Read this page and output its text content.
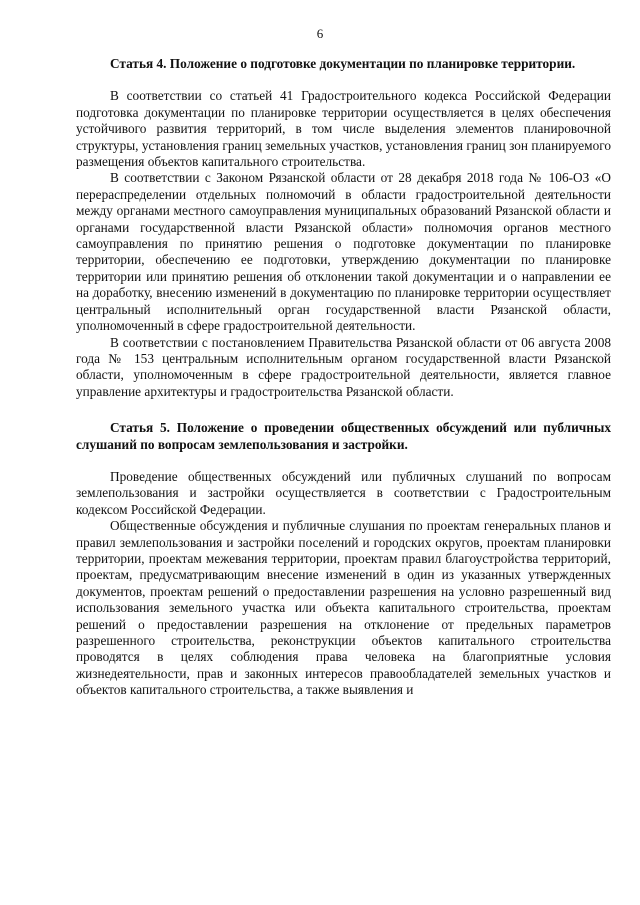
6

Статья 4. Положение о подготовке документации по планировке территории.

В соответствии со статьей 41 Градостроительного кодекса Российской Федерации подготовка документации по планировке территории осуществляется в целях обеспечения устойчивого развития территорий, в том числе выделения элементов планировочной структуры, установления границ земельных участков, установления границ зон планируемого размещения объектов капитального строительства.

В соответствии с Законом Рязанской области от 28 декабря 2018 года № 106-ОЗ «О перераспределении отдельных полномочий в области градостроительной деятельности между органами местного самоуправления муниципальных образований Рязанской области и органами государственной власти Рязанской области» полномочия органов местного самоуправления по принятию решения о подготовке документации по планировке территории, обеспечению ее подготовки, утверждению документации по планировке территории или принятию решения об отклонении такой документации и о направлении ее на доработку, внесению изменений в документацию по планировке территории осуществляет центральный исполнительный орган государственной власти Рязанской области, уполномоченный в сфере градостроительной деятельности.

В соответствии с постановлением Правительства Рязанской области от 06 августа 2008 года № 153 центральным исполнительным органом государственной власти Рязанской области, уполномоченным в сфере градостроительной деятельности, является главное управление архитектуры и градостроительства Рязанской области.

Статья 5. Положение о проведении общественных обсуждений или публичных слушаний по вопросам землепользования и застройки.

Проведение общественных обсуждений или публичных слушаний по вопросам землепользования и застройки осуществляется в соответствии с Градостроительным кодексом Российской Федерации.

Общественные обсуждения и публичные слушания по проектам генеральных планов и правил землепользования и застройки поселений и городских округов, проектам планировки территории, проектам межевания территории, проектам правил благоустройства территорий, проектам, предусматривающим внесение изменений в один из указанных утвержденных документов, проектам решений о предоставлении разрешения на условно разрешенный вид использования земельного участка или объекта капитального строительства, проектам решений о предоставлении разрешения на отклонение от предельных параметров разрешенного строительства, реконструкции объектов капитального строительства проводятся в целях соблюдения права человека на благоприятные условия жизнедеятельности, прав и законных интересов правообладателей земельных участков и объектов капитального строительства, а также выявления и
